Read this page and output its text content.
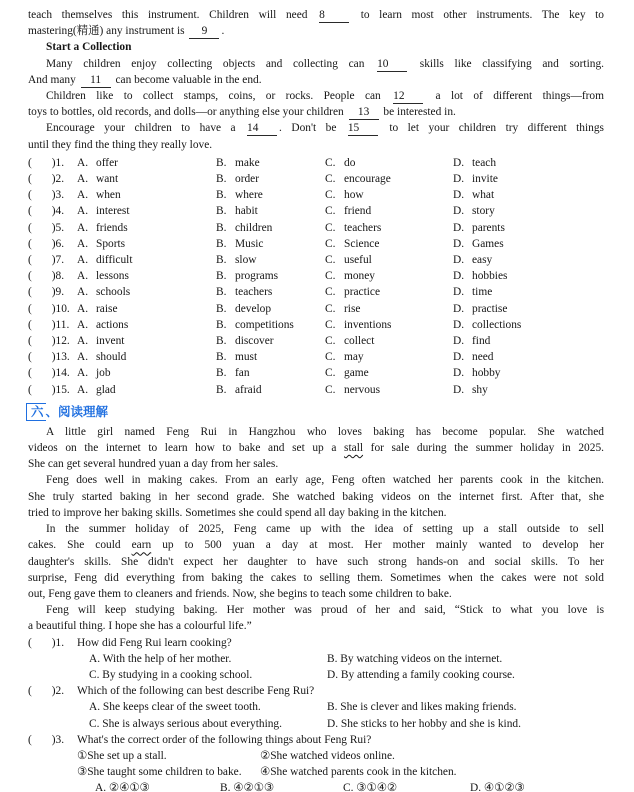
teach themselves this instrument. Children will need 8 to learn most other instruments. The key to
mastering(精通) any instrument is 9 .
Start a Collection
Many children enjoy collecting objects and collecting can 10 skills like classifying and sorting.
And many 11 can become valuable in the end.
Children like to collect stamps, coins, or rocks. People can 12 a lot of different things—from
toys to bottles, old records, and dolls—or anything else your children 13 be interested in.
Encourage your children to have a 14 . Don't be 15 to let your children try different things
until they find the thing they really love.
(       )1.	A. offer	B. make	C. do	D. teach
(       )2.	A. want	B. order	C. encourage	D. invite
(       )3.	A. when	B. where	C. how	D. what
(       )4.	A. interest	B. habit	C. friend	D. story
(       )5.	A. friends	B. children	C. teachers	D. parents
(       )6.	A. Sports	B. Music	C. Science	D. Games
(       )7.	A. difficult	B. slow	C. useful	D. easy
(       )8.	A. lessons	B. programs	C. money	D. hobbies
(       )9.	A. schools	B. teachers	C. practice	D. time
(       )10. A. raise	B. develop	C. rise	D. practise
(       )11. A. actions	B. competitions	C. inventions	D. collections
(       )12. A. invent	B. discover	C. collect	D. find
(       )13. A. should	B. must	C. may	D. need
(       )14. A. job	B. fan	C. game	D. hobby
(       )15. A. glad	B. afraid	C. nervous	D. shy
六 、阅读理解
A little girl named Feng Rui in Hangzhou who loves baking has become popular. She watched
videos on the internet to learn how to bake and set up a stall for sale during the summer holiday in 2025.
She can get several hundred yuan a day from her sales.
Feng does well in making cakes. From an early age, Feng often watched her parents cook in the kitchen.
She truly started baking in her second grade. She watched baking videos on the internet first. After that, she
tried to improve her baking skills. Sometimes she could spend all day baking in the kitchen.
In the summer holiday of 2025, Feng came up with the idea of setting up a stall outside to sell
cakes. She could earn up to 500 yuan a day at most. Her mother mainly wanted to develop her
daughter's skills. She didn't expect her daughter to have such strong hands-on and social skills. To her
surprise, Feng did everything from baking the cakes to selling them. Sometimes when the cakes were not sold
out, Feng gave them to cleaners and friends. Now, she begins to teach some children to bake.
Feng will keep studying baking. Her mother was proud of her and said, “Stick to what you love is
a beautiful thing. I hope she has a colourful life.”
(       )1.	How did Feng Rui learn cooking?
A. With the help of her mother.	B. By watching videos on the internet.
C. By studying in a cooking school.	D. By attending a family cooking course.
(       )2.	Which of the following can best describe Feng Rui?
A. She keeps clear of the sweet tooth.	B. She is clever and likes making friends.
C. She is always serious about everything.	D. She sticks to her hobby and she is kind.
(       )3.	What's the correct order of the following things about Feng Rui?
①She set up a stall.	②She watched videos online.
③She taught some children to bake.	④She watched parents cook in the kitchen.
A. ②④①③	B. ④②①③	C. ③①④②	D. ④①②③
